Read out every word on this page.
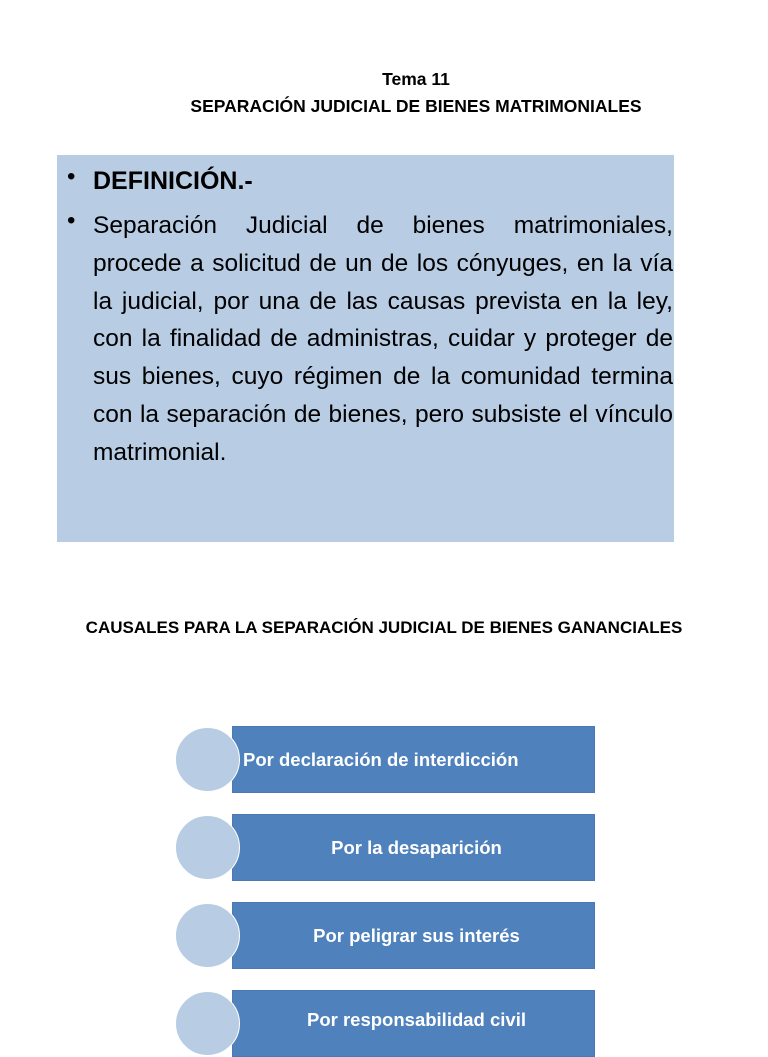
Tema 11
SEPARACIÓN JUDICIAL DE BIENES MATRIMONIALES
• DEFINICIÓN.-
• Separación Judicial de bienes matrimoniales, procede a solicitud de un de los cónyuges, en la vía la judicial, por una de las causas prevista en la ley, con la finalidad de administras, cuidar y proteger de sus bienes, cuyo régimen de la comunidad termina con la separación de bienes, pero subsiste el vínculo matrimonial.
CAUSALES PARA LA SEPARACIÓN JUDICIAL DE BIENES GANANCIALES
Por declaración de interdicción
Por la desaparición
Por peligrar sus interés
Por responsabilidad civil
